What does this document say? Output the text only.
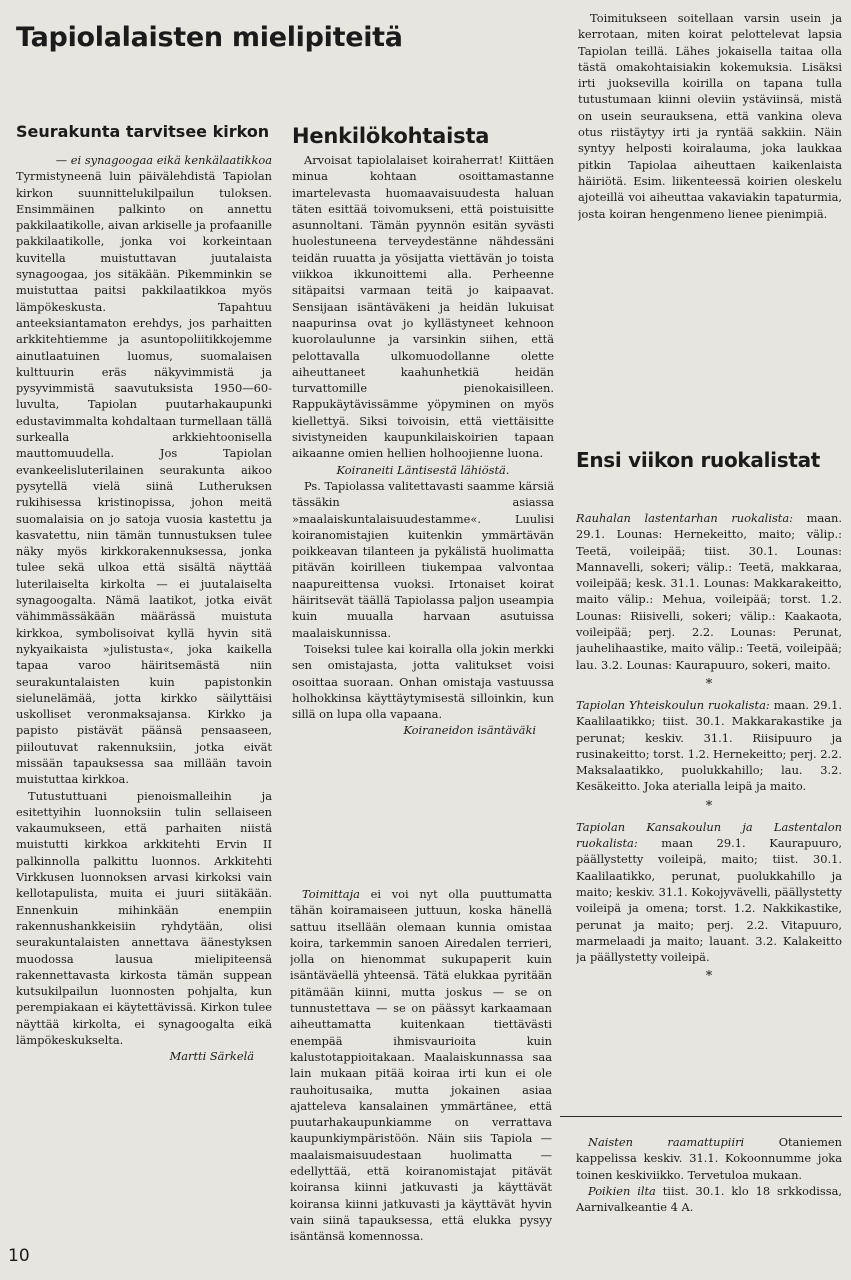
Tapiolalaisten mielipiteitä
Seurakunta tarvitsee kirkon

— ei synagoogaa eikä kenkälaatikkoa

Tyrmistyneenä luin päivälehdistä Tapiolan kirkon suunnittelukilpailun tuloksen. Ensimmäinen palkinto on annettu pakkilaatikolle, aivan arkiselle ja profaanille pakkilaatikolle, jonka voi korkeintaan kuvitella muistuttavan juutalaista synagoogaa, jos sitäkään. Pikemminkin se muistuttaa paitsi pakkilaatikkoa myös lämpökeskusta. Tapahtuu anteeksiantamaton erehdys, jos parhaitten arkkitehtiemme ja asuntopoliitikkojemme ainutlaatuinen luomus, suomalaisen kulttuurin eräs näkyvimmistä ja pysyvimmistä saavutuksista 1950—60-luvulta, Tapiolan puutarhakaupunki edustavimmalta kohdaltaan turmellaan tällä surkealla arkkiehtoonisella mauttomuudella. Jos Tapiolan evankeelisluterilainen seurakunta aikoo pysytellä vielä siinä Lutheruksen rukihisessa kristinopissa, johon meitä suomalaisia on jo satoja vuosia kastettu ja kasvatettu, niin tämän tunnustuksen tulee näky myös kirkkorakennuksessa, jonka tulee sekä ulkoa että sisältä näyttää luterilaiselta kirkolta — ei juutalaiselta synagoogalta. Nämä laatikot, jotka eivät vähimmässäkään määrässä muistuta kirkkoa, symbolisoivat kyllä hyvin sitä nykyaikaista »julistusta«, joka kaikella tapaa varoo häiritsemästä niin seurakuntalaisten kuin papistonkin sielunelämää, jotta kirkko säilyttäisi uskolliset veronmaksajansa. Kirkko ja papisto pistävät päänsä pensaaseen, piiloutuvat rakennuksiin, jotka eivät missään tapauksessa saa millään tavoin muistuttaa kirkkoa.

Tutustuttuani pienoismalleihin ja esitettyihin luonnoksiin tulin sellaiseen vakaumukseen, että parhaiten niistä muistutti kirkkoa arkkitehti Ervin II palkinnolla palkittu luonnos. Arkkitehti Virkkusen luonnoksen arvasi kirkoksi vain kellotapulista, muita ei juuri siitäkään. Ennenkuin mihinkään enempiin rakennushankkeisiin ryhdytään, olisi seurakuntalaisten annettava äänestyksen muodossa lausua mielipiteensä rakennettavasta kirkosta tämän suppean kutsukilpailun luonnosten pohjalta, kun perempiakaan ei käytettävissä. Kirkon tulee näyttää kirkolta, ei synagoogalta eikä lämpökeskukselta.

Martti Särkelä

Henkilökohtaista

Arvoisat tapiolalaiset koiraherrat! Kiittäen minua kohtaan osoittamastanne imartelevasta huomaavaisuudesta haluan täten esittää toivomukseni, että poistuisitte asunnoltani. Tämän pyynnön esitän syvästi huolestuneena terveydestänne nähdessäni teidän ruuatta ja yösijatta viettävän jo toista viikkoa ikkunoittemi alla. Perheenne sitäpaitsi varmaan teitä jo kaipaavat. Sensijaan isäntäväkeni ja heidän lukuisat naapurinsa ovat jo kyllästyneet kehnoon kuorolaulunne ja varsinkin siihen, että pelottavalla ulkomuodollanne olette aiheuttaneet kaahunhetkiä heidän turvattomille pienokaisilleen. Rappukäytävissämme yöpyminen on myös kiellettyä. Siksi toivoisin, että viettäisitte sivistyneiden kaupunkilaiskoirien tapaan aikaanne omien hellien holhoojienne luona.

Koiraneiti Läntisestä lähiöstä.

Ps. Tapiolassa valitettavasti saamme kärsiä tässäkin asiassa »maalaiskuntalaisuudestamme«. Luulisi koiranomistajien kuitenkin ymmärtävän poikkeavan tilanteen ja pykälistä huolimatta pitävän koirilleen tiukempaa valvontaa naapureittensa vuoksi. Irtonaiset koirat häiritsevät täällä Tapiolassa paljon useampia kuin muualla harvaan asutuissa maalaiskunnissa.

Toiseksi tulee kai koiralla olla jokin merkki sen omistajasta, jotta valitukset voisi osoittaa suoraan. Onhan omistaja vastuussa holhokkinsa käyttäytymisestä silloinkin, kun sillä on lupa olla vapaana.

Koiraneidon isäntäväki

Toimittaja ei voi nyt olla puuttumatta tähän koiramaiseen juttuun, koska hänellä sattuu itsellään olemaan kunnia omistaa koira, tarkemmin sanoen Airedalen terrieri, jolla on hienommat sukupaperit kuin isäntäväellä yhteensä. Tätä elukkaa pyritään pitämään kiinni, mutta joskus — se on tunnustettava — se on päässyt karkaamaan aiheuttamatta kuitenkaan tiettävästi enempää ihmisvaurioita kuin kalustotappioitakaan. Maalaiskunnassa saa lain mukaan pitää koiraa irti kun ei ole rauhoitusaika, mutta jokainen asiaa ajatteleva kansalainen ymmärtänee, että puutarhakaupunkiamme on verrattava kaupunkiympäristöön. Näin siis Tapiola — maalaismaisuudestaan huolimatta — edellyttää, että koiranomistajat pitävät koiransa kiinni jatkuvasti ja käyttävät koiransa kiinni jatkuvasti ja käyttävät hyvin vain siinä tapauksessa, että elukka pysyy isäntänsä komennossa.

Toimitukseen soitellaan varsin usein ja kerrotaan, miten koirat pelottelevat lapsia Tapiolan teillä. Lähes jokaisella taitaa olla tästä omakohtaisiakin kokemuksia. Lisäksi irti juoksevilla koirilla on tapana tulla tutustumaan kiinni oleviin ystäviinsä, mistä on usein seurauksena, että vankina oleva otus riistäytyy irti ja ryntää sakkiin. Näin syntyy helposti koiralauma, joka laukkaa pitkin Tapiolaa aiheuttaen kaikenlaista häiriötä. Esim. liikenteessä koirien oleskelu ajoteillä voi aiheuttaa vakaviakin tapaturmia, josta koiran hengenmeno lienee pienimpiä.

Ensi viikon ruokalistat

Rauhalan lastentarhan ruokalista: maan. 29.1. Lounas: Hernekeitto, maito; välip.: Teetä, voileipää; tiist. 30.1. Lounas: Mannavelli, sokeri; välip.: Teetä, makkaraa, voileipää; kesk. 31.1. Lounas: Makkarakeitto, maito välip.: Mehua, voileipää; torst. 1.2. Lounas: Riisivelli, sokeri; välip.: Kaakaota, voileipää; perj. 2.2. Lounas: Perunat, jauhelihaastike, maito välip.: Teetä, voileipää; lau. 3.2. Lounas: Kaurapuuro, sokeri, maito.

*

Tapiolan Yhteiskoulun ruokalista: maan. 29.1. Kaalilaatikko; tiist. 30.1. Makkarakastike ja perunat; keskiv. 31.1. Riisipuuro ja rusinakeitto; torst. 1.2. Hernekeitto; perj. 2.2. Maksalaatikko, puolukkahillo; lau. 3.2. Kesäkeitto. Joka aterialla leipä ja maito.

*

Tapiolan Kansakoulun ja Lastentalon ruokalista: maan 29.1. Kaurapuuro, päällystetty voileipä, maito; tiist. 30.1. Kaalilaatikko, perunat, puolukkahillo ja maito; keskiv. 31.1. Kokojyvävelli, päällystetty voileipä ja omena; torst. 1.2. Nakkikastike, perunat ja maito; perj. 2.2. Vitapuuro, marmelaadi ja maito; lauant. 3.2. Kalakeitto ja päällystetty voileipä.

*

Naisten raamattupiiri	Otaniemen kappelissa keskiv. 31.1. Kokoonnumme joka toinen keskiviikko. Tervetuloa mukaan.

Poikien ilta tiist. 30.1. klo 18 srkkodissa, Aarnivalkeantie 4 A.

10
